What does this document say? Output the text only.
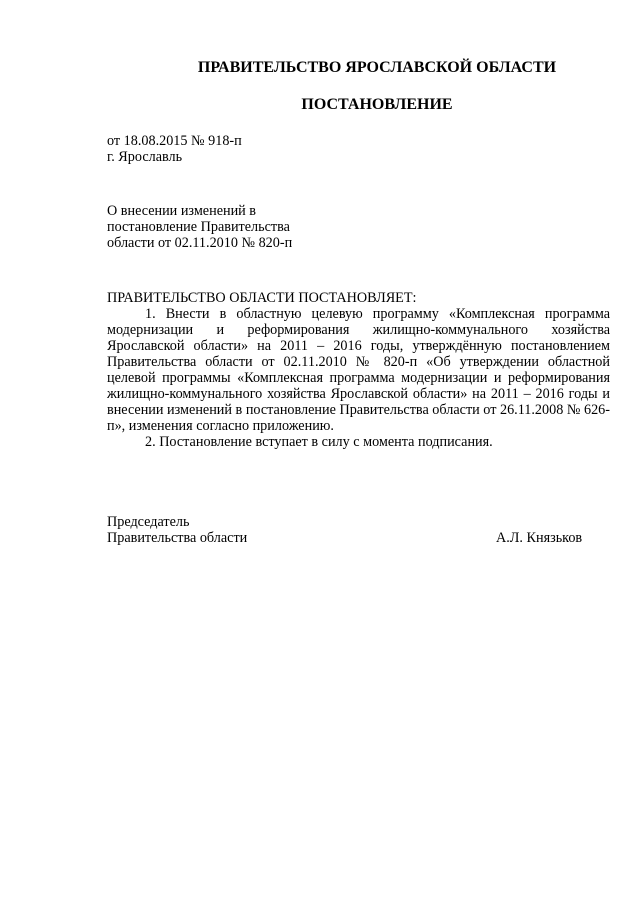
ПРАВИТЕЛЬСТВО ЯРОСЛАВСКОЙ ОБЛАСТИ
ПОСТАНОВЛЕНИЕ
от 18.08.2015 № 918-п
г. Ярославль
О внесении изменений в
постановление Правительства
области от 02.11.2010 № 820-п

ПРАВИТЕЛЬСТВО ОБЛАСТИ ПОСТАНОВЛЯЕТ:

1. Внести в областную целевую программу «Комплексная программа модернизации и реформирования жилищно-коммунального хозяйства Ярославской области» на 2011 – 2016 годы, утверждённую постановлением Правительства области от 02.11.2010 № 820-п «Об утверждении областной целевой программы «Комплексная программа модернизации и реформирования жилищно-коммунального хозяйства Ярославской области» на 2011 – 2016 годы и внесении изменений в постановление Правительства области от 26.11.2008 № 626-п», изменения согласно приложению.

2. Постановление вступает в силу с момента подписания.

Председатель
Правительства области	А.Л. Князьков
